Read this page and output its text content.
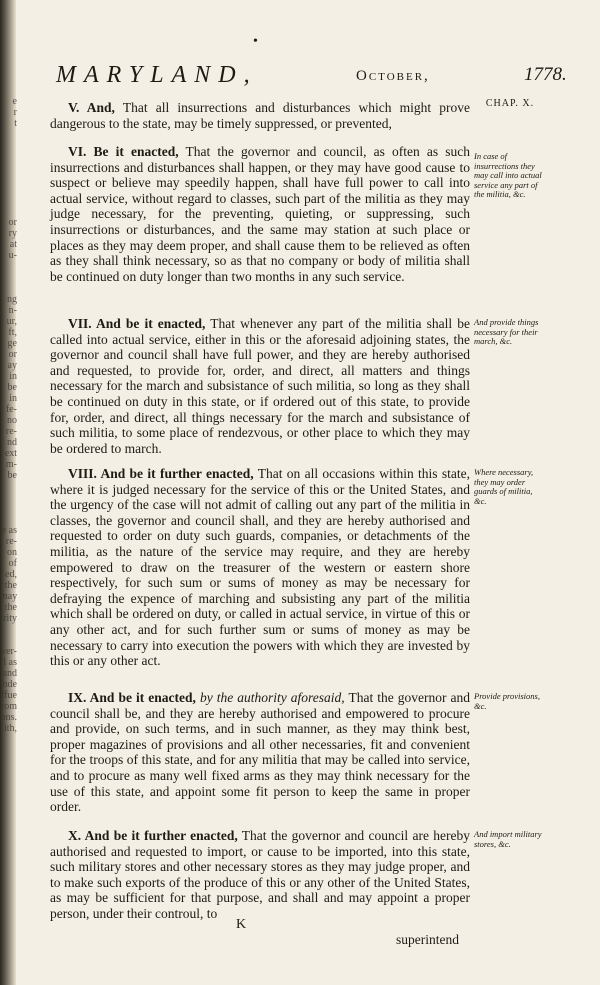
e
r
t

or
ry
at
u-

ng
n-
ur,
ft,
ge
or
ay
in
be
in
fe-
no
re-
nd
ext
m-
be

e as
re-
on
of
ed,
the
may
the
rity

ver-
l as
and
nde
ffue
rom
ons.
ith,
•
MARYLAND,	October,	1778.
CHAP. X.

V. And, That all insurrections and disturbances which might prove dangerous to the state, may be timely suppressed, or prevented,

VI. Be it enacted, That the governor and council, as often as such insurrections and disturbances shall happen, or they may have good cause to suspect or believe may speedily happen, shall have full power to call into actual service, without regard to classes, such part of the militia as they may judge necessary, for the preventing, quieting, or suppressing, such insurrections or disturbances, and the same may station at such place or places as they may deem proper, and shall cause them to be relieved as often as they shall think necessary, so as that no company or body of militia shall be continued on duty longer than two months in any such service.

In case of insurrections they may call into actual service any part of the militia, &c.

VII. And be it enacted, That whenever any part of the militia shall be called into actual service, either in this or the aforesaid adjoining states, the governor and council shall have full power, and they are hereby authorised and requested, to provide for, order, and direct, all matters and things necessary for the march and subsistance of such militia, so long as they shall be continued on duty in this state, or if ordered out of this state, to provide for, order, and direct, all things necessary for the march and subsistance of such militia, to some place of rendezvous, or other place to which they may be ordered to march.

And provide things necessary for their march, &c.

VIII. And be it further enacted, That on all occasions within this state, where it is judged necessary for the service of this or the United States, and the urgency of the case will not admit of calling out any part of the militia in classes, the governor and council shall, and they are hereby authorised and requested to order on duty such guards, companies, or detachments of the militia, as the nature of the service may require, and they are hereby empowered to draw on the treasurer of the western or eastern shore respectively, for such sum or sums of money as may be necessary for defraying the expence of marching and subsisting any part of the militia which shall be ordered on duty, or called in actual service, in virtue of this or any other act, and for such further sum or sums of money as may be necessary to carry into execution the powers with which they are invested by this or any other act.

Where necessary, they may order guards of militia, &c.

IX. And be it enacted, by the authority aforesaid, That the governor and council shall be, and they are hereby authorised and empowered to procure and provide, on such terms, and in such manner, as they may think best, proper magazines of provisions and all other necessaries, fit and convenient for the troops of this state, and for any militia that may be called into service, and to procure as many well fixed arms as they may think necessary for the use of this state, and appoint some fit person to keep the same in proper order.

Provide provisions, &c.

X. And be it further enacted, That the governor and council are hereby authorised and requested to import, or cause to be imported, into this state, such military stores and other necessary stores as they may judge proper, and to make such exports of the produce of this or any other of the United States, as may be sufficient for that purpose, and shall and may appoint a proper person, under their controul, to

And import military stores, &c.

K
superintend
